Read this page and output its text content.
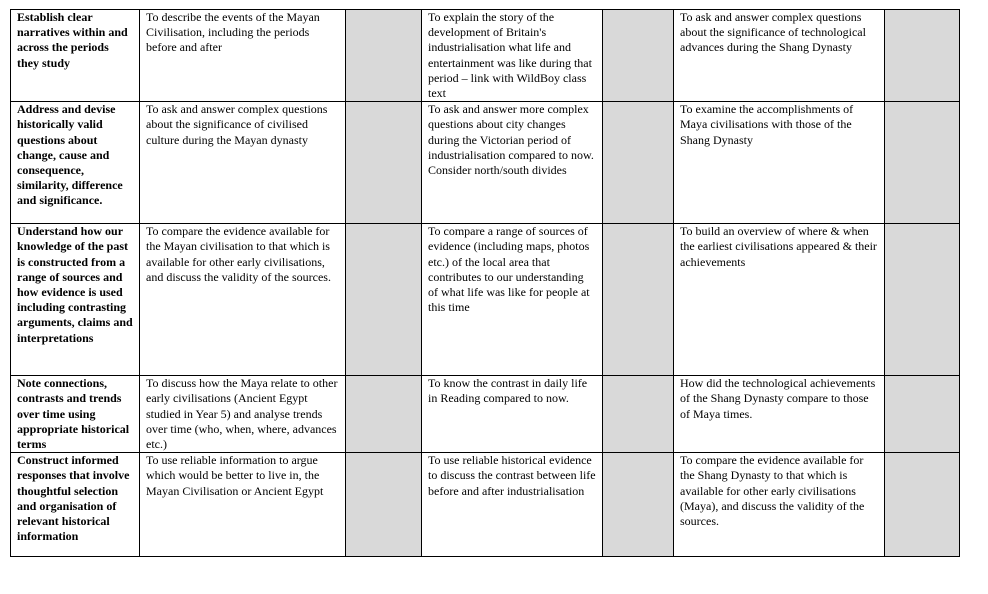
Establish clear narratives within and across the periods they study	To describe the events of the Mayan Civilisation, including the periods before and after		To explain the story of the development of Britain's industrialisation what life and entertainment was like during that period – link with WildBoy class text		To ask and answer complex questions about the significance of technological advances during the Shang Dynasty	
Address and devise historically valid questions about change, cause and consequence, similarity, difference and significance.	To ask and answer complex questions about the significance of civilised culture during the Mayan dynasty		To ask and answer more complex questions about city changes during the Victorian period of industrialisation compared to now. Consider north/south divides		To examine the accomplishments of Maya civilisations with those of the Shang Dynasty	
Understand how our knowledge of the past is constructed from a range of sources and how evidence is used including contrasting arguments, claims and interpretations	To compare the evidence available for the Mayan civilisation to that which is available for other early civilisations, and discuss the validity of the sources.		To compare a range of sources of evidence (including maps, photos etc.) of the local area that contributes to our understanding of what life was like for people at this time		To build an overview of where & when the earliest civilisations appeared & their achievements	
Note connections, contrasts and trends over time using appropriate historical terms	To discuss how the Maya relate to other early civilisations (Ancient Egypt studied in Year 5) and analyse trends over time (who, when, where, advances etc.)		To know the contrast in daily life in Reading compared to now.		How did the technological achievements of the Shang Dynasty compare to those of Maya times.	
Construct informed responses that involve thoughtful selection and organisation of relevant historical information	To use reliable information to argue which would be better to live in, the Mayan Civilisation or Ancient Egypt		To use reliable historical evidence to discuss the contrast between life before and after industrialisation		To compare the evidence available for the Shang Dynasty to that which is available for other early civilisations (Maya), and discuss the validity of the sources.	
